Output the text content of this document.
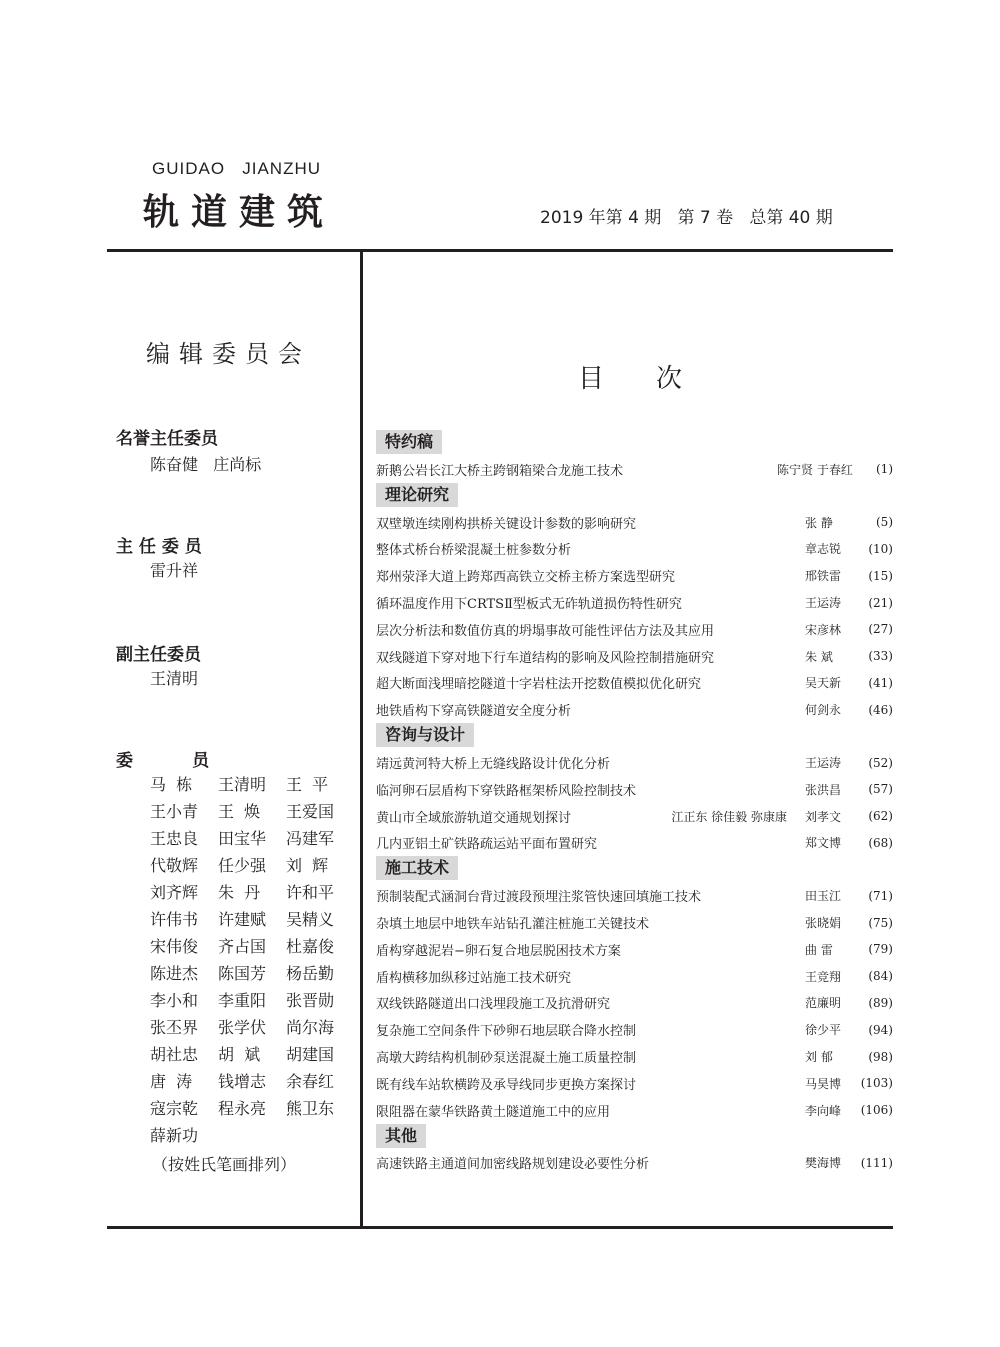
GUIDAO   JIANZHU
轨道建筑	2019 年第 4 期   第 7 卷   总第 40 期
编辑委员会
名誉主任委员
陈奋健   庄尚标
主 任 委 员
雷升祥
副主任委员
王清明
委          员
马  栋	王清明	王  平
王小青	王  焕	王爱国
王忠良	田宝华	冯建军
代敬辉	任少强	刘  辉
刘齐辉	朱  丹	许和平
许伟书	许建赋	吴精义
宋伟俊	齐占国	杜嘉俊
陈进杰	陈国芳	杨岳勤
李小和	李重阳	张晋勋
张丕界	张学伏	尚尔海
胡社忠	胡  斌	胡建国
唐  涛	钱增志	余春红
寇宗乾	程永亮	熊卫东
薛新功
（按姓氏笔画排列）
目次
特约稿
新鹅公岩长江大桥主跨钢箱梁合龙施工技术	陈宁贤 于春红	(1)
理论研究
双壁墩连续刚构拱桥关键设计参数的影响研究	张 静	(5)
整体式桥台桥梁混凝土桩参数分析	章志锐	(10)
郑州荥泽大道上跨郑西高铁立交桥主桥方案选型研究	邢铁雷	(15)
循环温度作用下CRTSⅡ型板式无砟轨道损伤特性研究	王运涛	(21)
层次分析法和数值仿真的坍塌事故可能性评估方法及其应用	宋彦林	(27)
双线隧道下穿对地下行车道结构的影响及风险控制措施研究	朱 斌	(33)
超大断面浅埋暗挖隧道十字岩柱法开挖数值模拟优化研究	吴天新	(41)
地铁盾构下穿高铁隧道安全度分析	何剑永	(46)
咨询与设计
靖远黄河特大桥上无缝线路设计优化分析	王运涛	(52)
临河卵石层盾构下穿铁路框架桥风险控制技术	张洪昌	(57)
黄山市全域旅游轨道交通规划探讨	江正东 徐佳毅 弥康康 刘孝文	(62)
几内亚铝土矿铁路疏运站平面布置研究	郑文博	(68)
施工技术
预制装配式涵洞台背过渡段预埋注浆管快速回填施工技术	田玉江	(71)
杂填土地层中地铁车站钻孔灌注桩施工关键技术	张晓娟	(75)
盾构穿越泥岩−卵石复合地层脱困技术方案	曲 雷	(79)
盾构横移加纵移过站施工技术研究	王竞翔	(84)
双线铁路隧道出口浅埋段施工及抗滑研究	范廉明	(89)
复杂施工空间条件下砂卵石地层联合降水控制	徐少平	(94)
高墩大跨结构机制砂泵送混凝土施工质量控制	刘 郁	(98)
既有线车站软横跨及承导线同步更换方案探讨	马昊博	(103)
限阻器在蒙华铁路黄土隧道施工中的应用	李向峰	(106)
其他
高速铁路主通道间加密线路规划建设必要性分析	樊海博	(111)
